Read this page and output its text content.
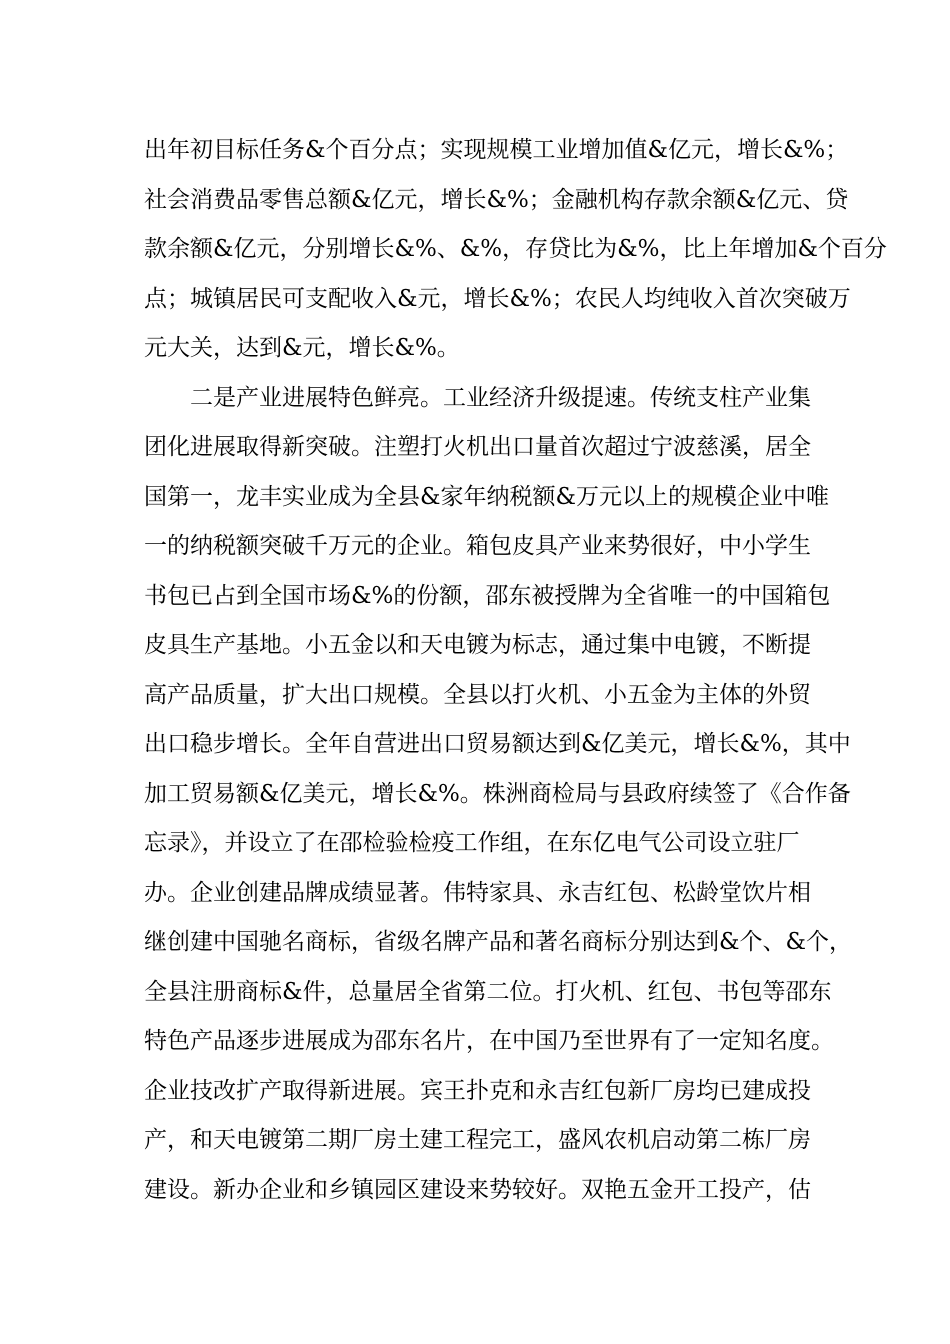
出年初目标任务&个百分点；实现规模工业增加值&亿元，增长&%；
社会消费品零售总额&亿元，增长&%；金融机构存款余额&亿元、贷
款余额&亿元，分别增长&%、&%，存贷比为&%，比上年增加&个百分
点；城镇居民可支配收入&元，增长&%；农民人均纯收入首次突破万
元大关，达到&元，增长&%。
二是产业进展特色鲜亮。工业经济升级提速。传统支柱产业集
团化进展取得新突破。注塑打火机出口量首次超过宁波慈溪，居全
国第一，龙丰实业成为全县&家年纳税额&万元以上的规模企业中唯
一的纳税额突破千万元的企业。箱包皮具产业来势很好，中小学生
书包已占到全国市场&%的份额，邵东被授牌为全省唯一的中国箱包
皮具生产基地。小五金以和天电镀为标志，通过集中电镀，不断提
高产品质量，扩大出口规模。全县以打火机、小五金为主体的外贸
出口稳步增长。全年自营进出口贸易额达到&亿美元，增长&%，其中
加工贸易额&亿美元，增长&%。株洲商检局与县政府续签了《合作备
忘录》，并设立了在邵检验检疫工作组，在东亿电气公司设立驻厂
办。企业创建品牌成绩显著。伟特家具、永吉红包、松龄堂饮片相
继创建中国驰名商标，省级名牌产品和著名商标分别达到&个、&个，
全县注册商标&件，总量居全省第二位。打火机、红包、书包等邵东
特色产品逐步进展成为邵东名片，在中国乃至世界有了一定知名度。
企业技改扩产取得新进展。宾王扑克和永吉红包新厂房均已建成投
产，和天电镀第二期厂房土建工程完工，盛风农机启动第二栋厂房
建设。新办企业和乡镇园区建设来势较好。双艳五金开工投产，估
